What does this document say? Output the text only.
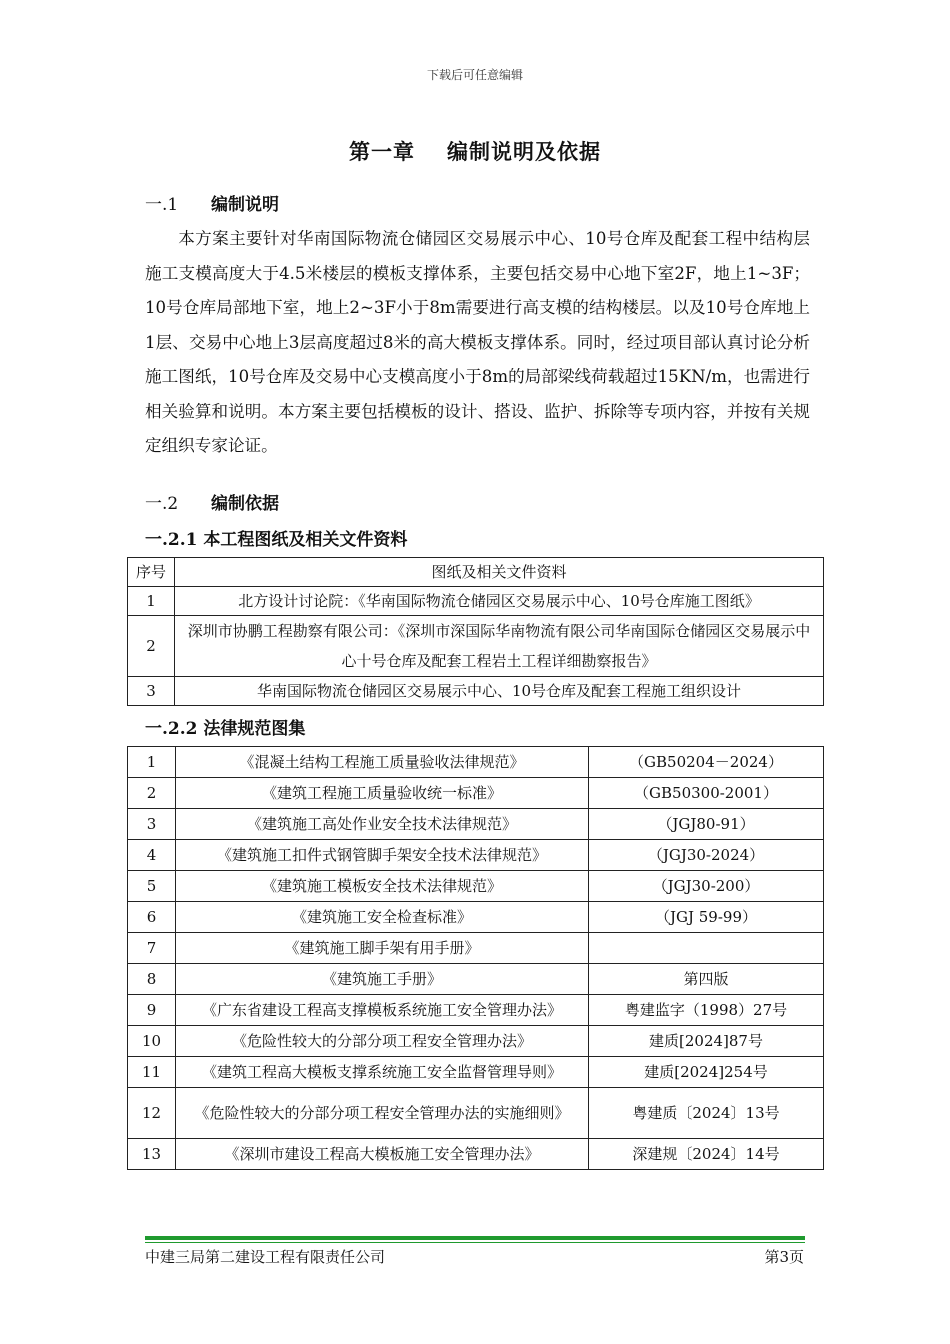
下载后可任意编辑
第一章 编制说明及依据
一.1 编制说明

本方案主要针对华南国际物流仓储园区交易展示中心、10号仓库及配套工程中结构层施工支模高度大于4.5米楼层的模板支撑体系，主要包括交易中心地下室2F，地上1~3F；10号仓库局部地下室，地上2~3F小于8m需要进行高支模的结构楼层。以及10号仓库地上1层、交易中心地上3层高度超过8米的高大模板支撑体系。同时，经过项目部认真讨论分析施工图纸，10号仓库及交易中心支模高度小于8m的局部梁线荷载超过15KN/m，也需进行相关验算和说明。本方案主要包括模板的设计、搭设、监护、拆除等专项内容，并按有关规定组织专家论证。

一.2 编制依据
一.2.1 本工程图纸及相关文件资料
序号	图纸及相关文件资料
1	北方设计讨论院：《华南国际物流仓储园区交易展示中心、10号仓库施工图纸》
2	深圳市协鹏工程勘察有限公司：《深圳市深国际华南物流有限公司华南国际仓储园区交易展示中心十号仓库及配套工程岩土工程详细勘察报告》
3	华南国际物流仓储园区交易展示中心、10号仓库及配套工程施工组织设计
一.2.2 法律规范图集
1	《混凝土结构工程施工质量验收法律规范》	（GB50204－2024）
2	《建筑工程施工质量验收统一标准》	（GB50300-2001）
3	《建筑施工高处作业安全技术法律规范》	（JGJ80-91）
4	《建筑施工扣件式钢管脚手架安全技术法律规范》	（JGJ30-2024）
5	《建筑施工模板安全技术法律规范》	（JGJ30-200）
6	《建筑施工安全检查标准》	（JGJ 59-99）
7	《建筑施工脚手架有用手册》	
8	《建筑施工手册》	第四版
9	《广东省建设工程高支撑模板系统施工安全管理办法》	粤建监字（1998）27号
10	《危险性较大的分部分项工程安全管理办法》	建质[2024]87号
11	《建筑工程高大模板支撑系统施工安全监督管理导则》	建质[2024]254号
12	《危险性较大的分部分项工程安全管理办法的实施细则》	粤建质〔2024〕13号
13	《深圳市建设工程高大模板施工安全管理办法》	深建规〔2024〕14号
中建三局第二建设工程有限责任公司	第3页
